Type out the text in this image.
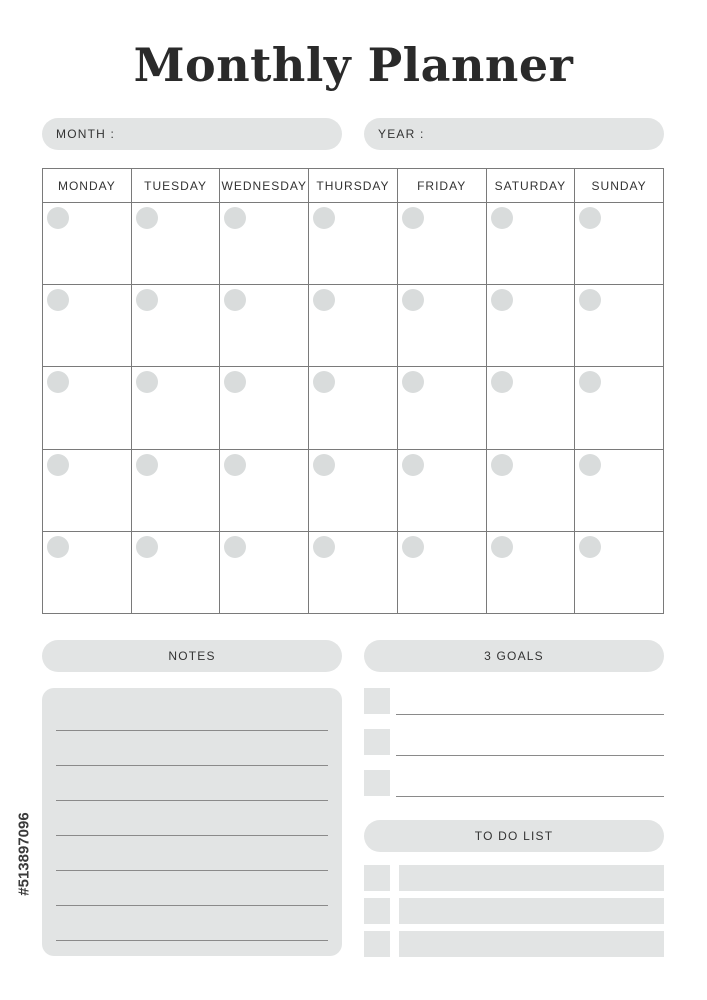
Monthly Planner
MONTH :	YEAR :
MONDAY	TUESDAY	WEDNESDAY	THURSDAY	FRIDAY	SATURDAY	SUNDAY

NOTES	3 GOALS
TO DO LIST
#513897096
